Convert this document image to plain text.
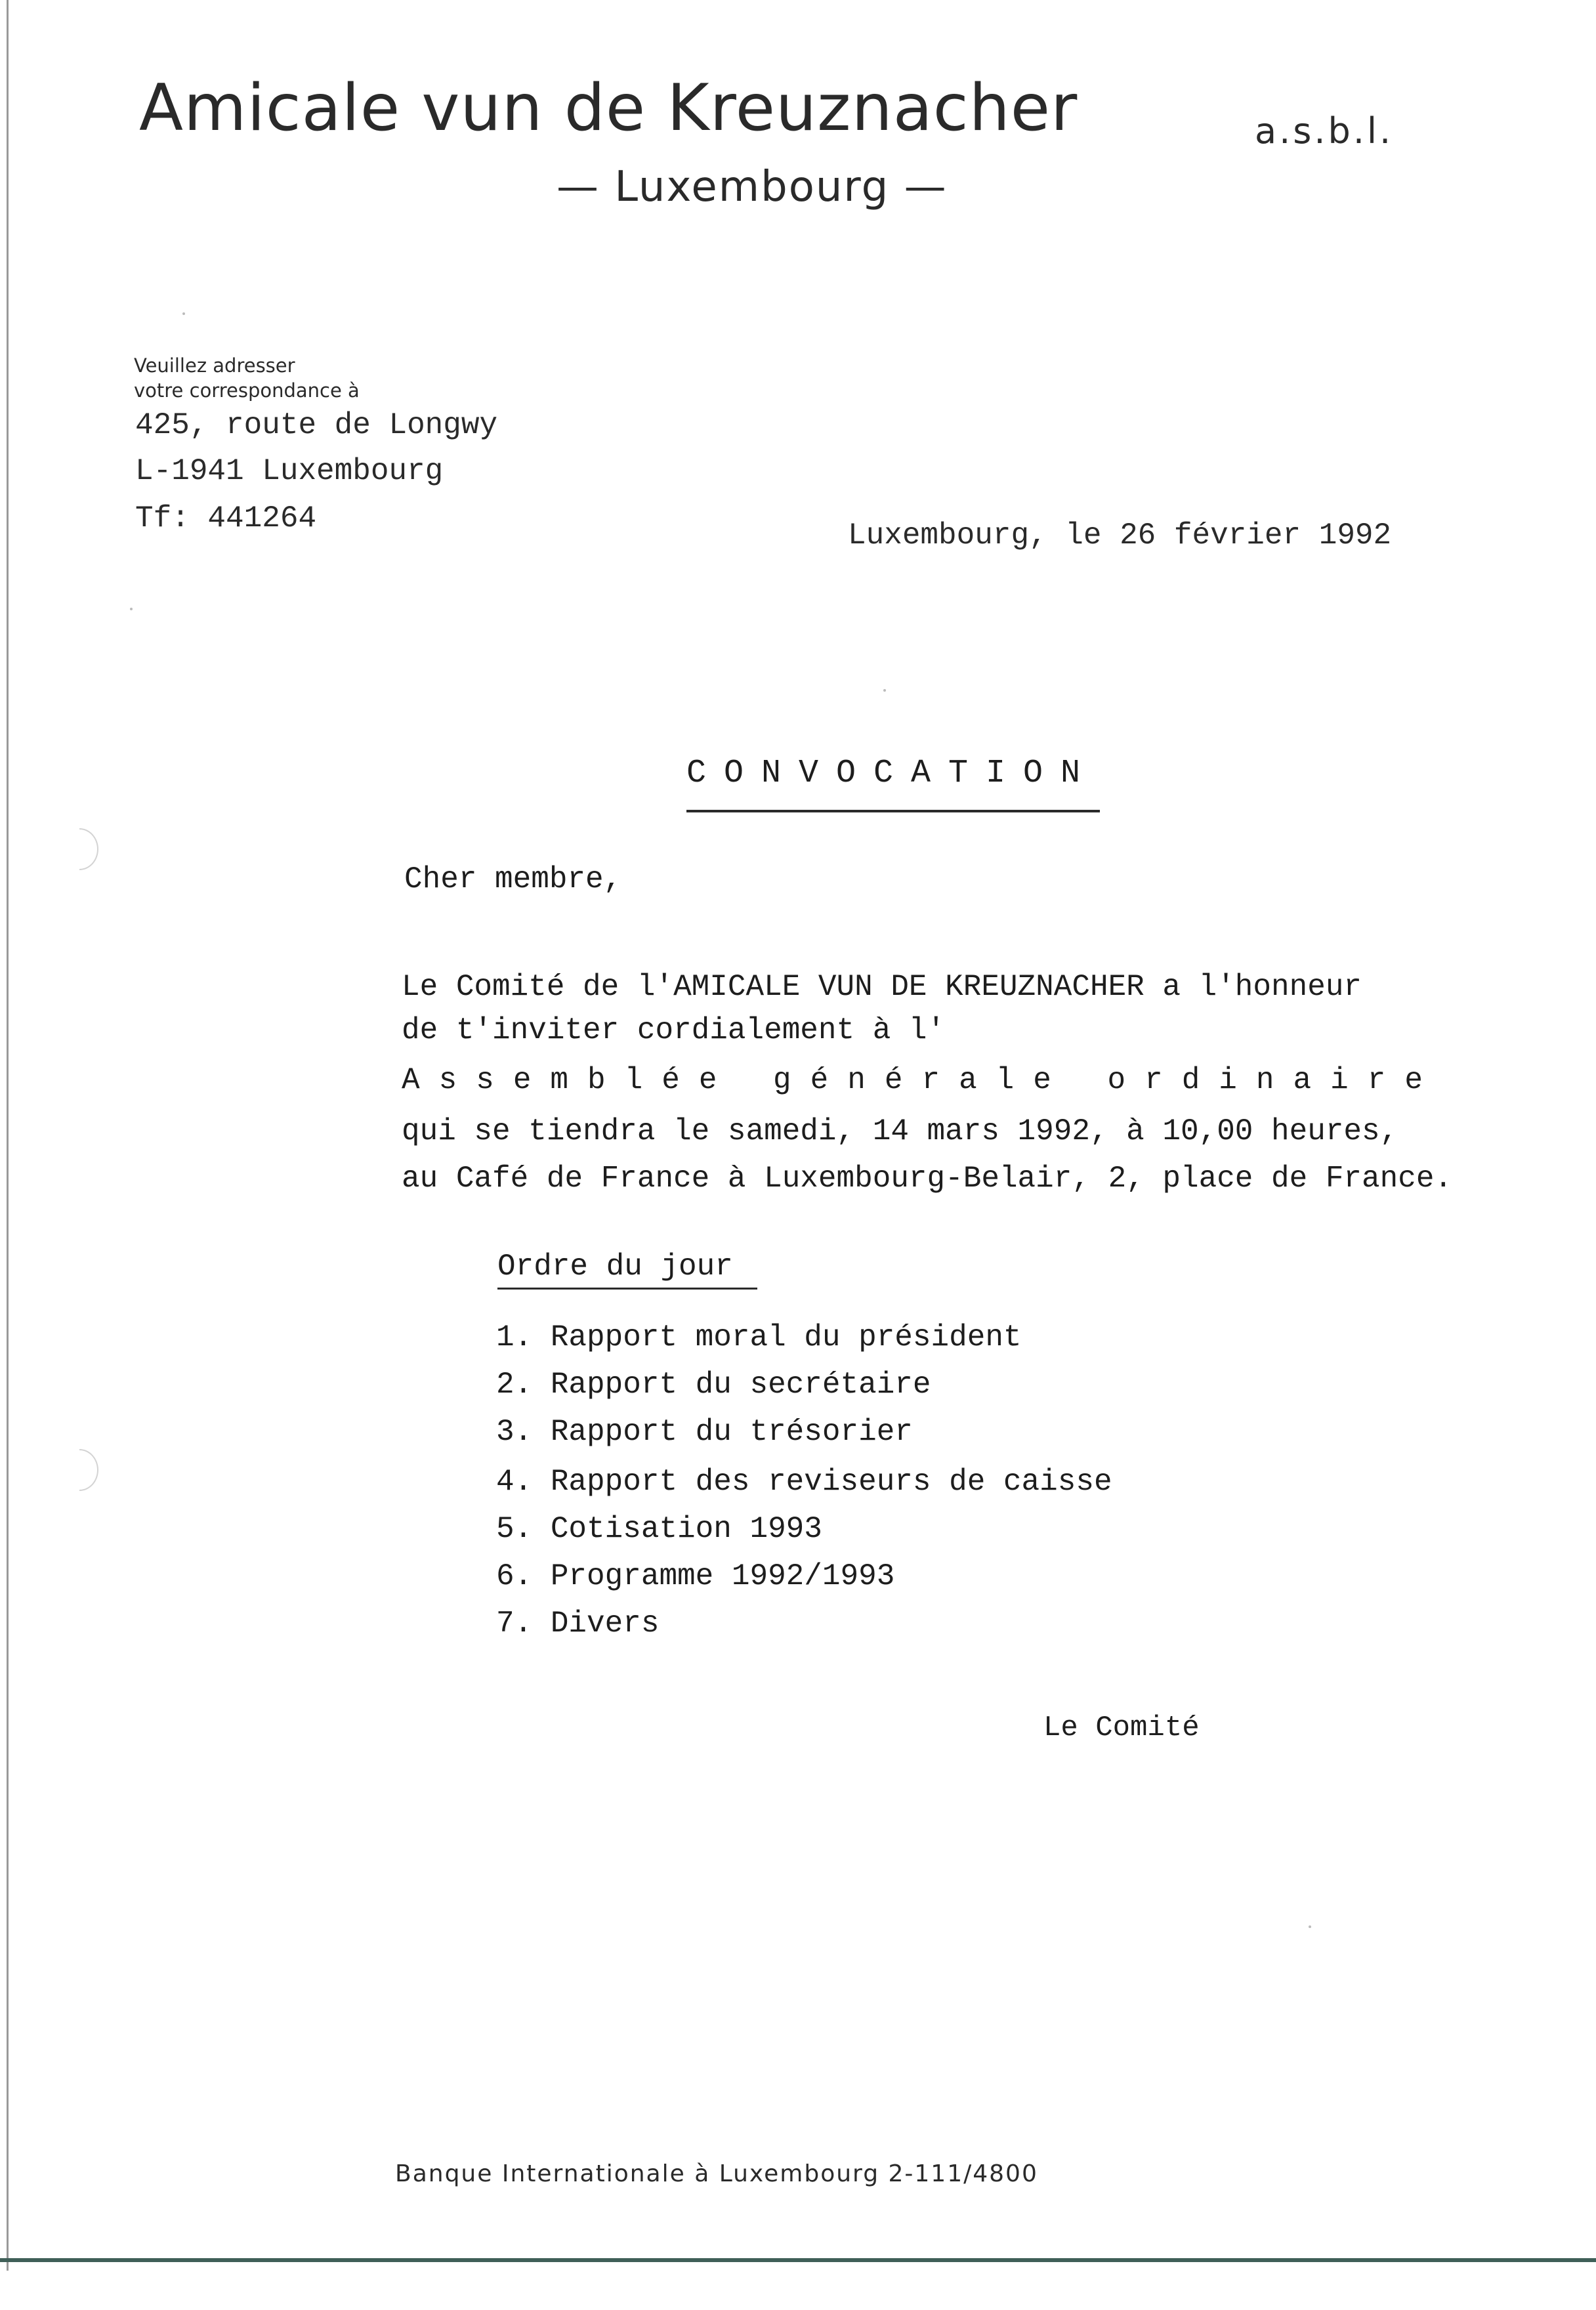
Amicale vun de Kreuznacher	a.s.b.l.
— Luxembourg —
Veuillez adresser
votre correspondance à
425, route de Longwy
L-1941 Luxembourg
Tf: 441264	Luxembourg, le 26 février 1992
CONVOCATION
Cher membre,
Le Comité de l'AMICALE VUN DE KREUZNACHER a l'honneur
de t'inviter cordialement à l'
Assemblée générale ordinaire
qui se tiendra le samedi, 14 mars 1992, à 10,00 heures,
au Café de France à Luxembourg-Belair, 2, place de France.
Ordre du jour
1. Rapport moral du président
2. Rapport du secrétaire
3. Rapport du trésorier
4. Rapport des reviseurs de caisse
5. Cotisation 1993
6. Programme 1992/1993
7. Divers
Le Comité
Banque Internationale à Luxembourg 2-111/4800
